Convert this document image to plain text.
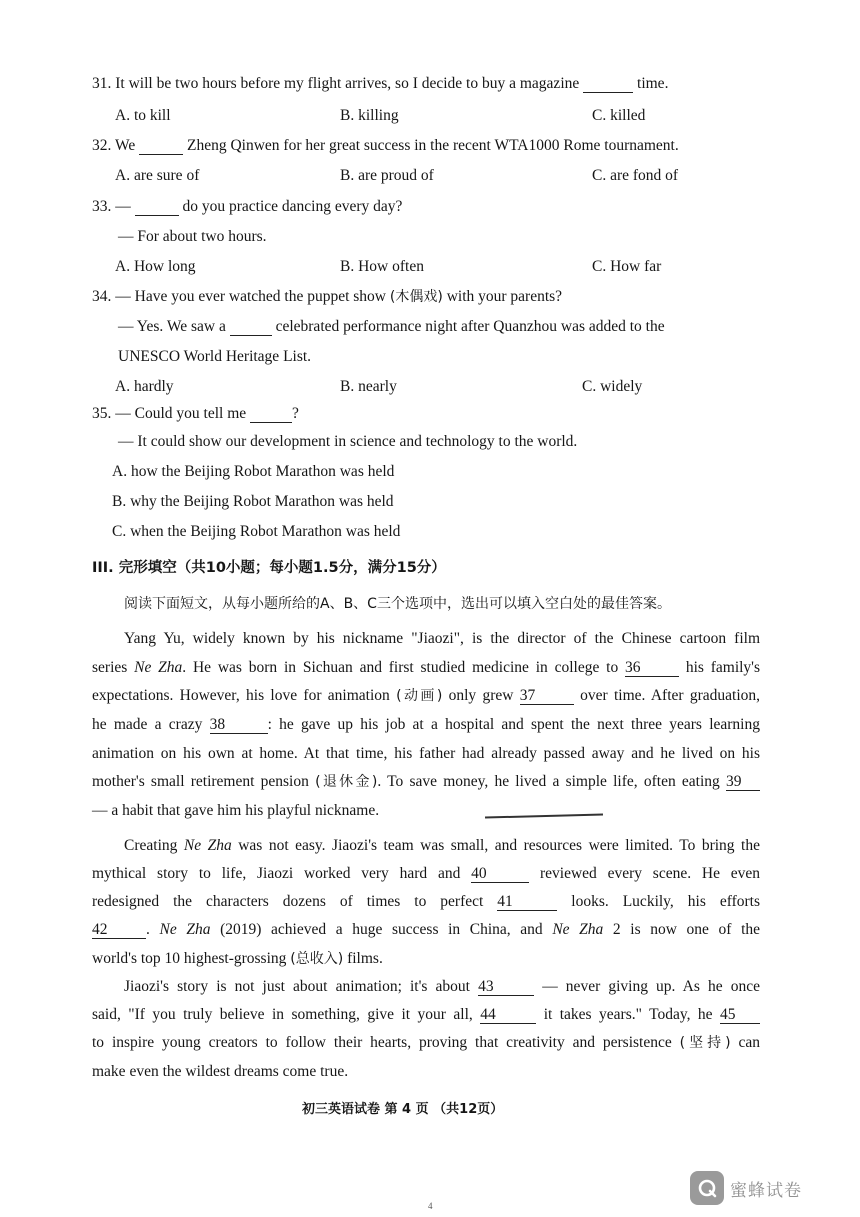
31. It will be two hours before my flight arrives, so I decide to buy a magazine	time.
A. to kill	B. killing	C. killed
32. We	Zheng Qinwen for her great success in the recent WTA1000 Rome tournament.
A. are sure of	B. are proud of	C. are fond of
33. —	do you practice dancing every day?
— For about two hours.
A. How long	B. How often	C. How far
34. — Have you ever watched the puppet show (木偶戏) with your parents?
— Yes. We saw a	celebrated performance night after Quanzhou was added to the
UNESCO World Heritage List.
A. hardly	B. nearly	C. widely
35. — Could you tell me	?
— It could show our development in science and technology to the world.
A. how the Beijing Robot Marathon was held
B. why the Beijing Robot Marathon was held
C. when the Beijing Robot Marathon was held
III. 完形填空（共10小题；每小题1.5分，满分15分）
阅读下面短文，从每小题所给的A、B、C三个选项中，选出可以填入空白处的最佳答案。
Yang Yu, widely known by his nickname "Jiaozi", is the director of the Chinese cartoon film
series Ne Zha. He was born in Sichuan and first studied medicine in college to 36	his family's
expectations. However, his love for animation (动画) only grew 37	over time. After graduation,
he made a crazy 38	: he gave up his job at a hospital and spent the next three years learning
animation on his own at home. At that time, his father had already passed away and he lived on his
mother's small retirement pension (退休金). To save money, he lived a simple life, often eating 39
— a habit that gave him his playful nickname.
Creating Ne Zha was not easy. Jiaozi's team was small, and resources were limited. To bring the
mythical story to life, Jiaozi worked very hard and 40	reviewed every scene. He even
redesigned the characters dozens of times to perfect 41	looks. Luckily, his efforts
42 . Ne Zha (2019) achieved a huge success in China, and Ne Zha 2 is now one of the
world's top 10 highest-grossing (总收入) films.
Jiaozi's story is not just about animation; it's about 43	— never giving up. As he once
said, "If you truly believe in something, give it your all, 44	it takes years." Today, he 45
to inspire young creators to follow their hearts, proving that creativity and persistence (坚持) can
make even the wildest dreams come true.
初三英语试卷 第 4 页 （共12页）
4
蜜蜂试卷
